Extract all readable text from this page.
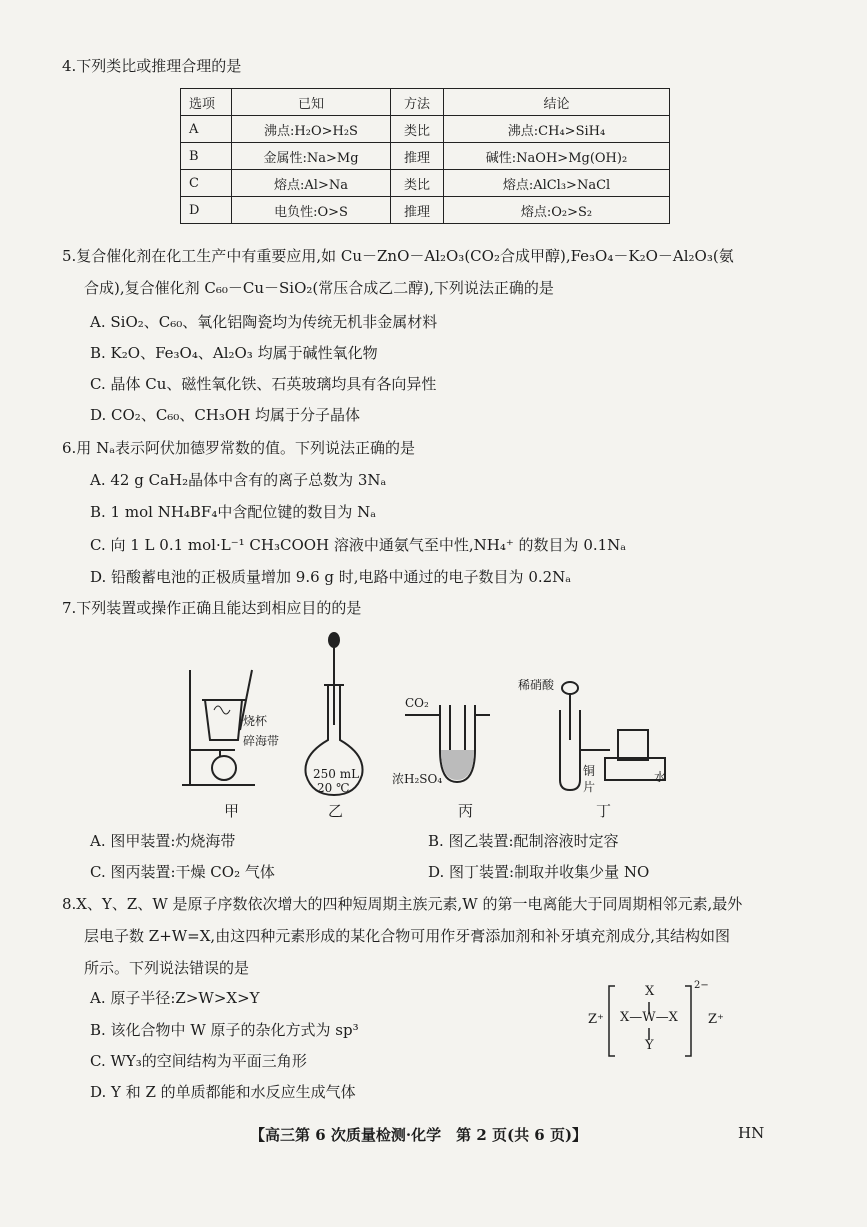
4.下列类比或推理合理的是
选项	已知	方法	结论
A	沸点:H₂O>H₂S	类比	沸点:CH₄>SiH₄
B	金属性:Na>Mg	推理	碱性:NaOH>Mg(OH)₂
C	熔点:Al>Na	类比	熔点:AlCl₃>NaCl
D	电负性:O>S	推理	熔点:O₂>S₂
5.复合催化剂在化工生产中有重要应用,如 Cu－ZnO－Al₂O₃(CO₂合成甲醇),Fe₃O₄－K₂O－Al₂O₃(氨
合成),复合催化剂 C₆₀－Cu－SiO₂(常压合成乙二醇),下列说法正确的是
A. SiO₂、C₆₀、氧化铝陶瓷均为传统无机非金属材料
B. K₂O、Fe₃O₄、Al₂O₃ 均属于碱性氧化物
C. 晶体 Cu、磁性氧化铁、石英玻璃均具有各向异性
D. CO₂、C₆₀、CH₃OH 均属于分子晶体
6.用 Nₐ表示阿伏加德罗常数的值。下列说法正确的是
A. 42 g CaH₂晶体中含有的离子总数为 3Nₐ
B. 1 mol NH₄BF₄中含配位键的数目为 Nₐ
C. 向 1 L 0.1 mol·L⁻¹ CH₃COOH 溶液中通氨气至中性,NH₄⁺ 的数目为 0.1Nₐ
D. 铅酸蓄电池的正极质量增加 9.6 g 时,电路中通过的电子数目为 0.2Nₐ
7.下列装置或操作正确且能达到相应目的的是
烧杯
碎海带
甲
250 mL
20 ℃
乙
CO₂
浓H₂SO₄
丙
稀硝酸
铜
片
水
丁
A. 图甲装置:灼烧海带	B. 图乙装置:配制溶液时定容
C. 图丙装置:干燥 CO₂ 气体	D. 图丁装置:制取并收集少量 NO
8.X、Y、Z、W 是原子序数依次增大的四种短周期主族元素,W 的第一电离能大于同周期相邻元素,最外
层电子数 Z+W=X,由这四种元素形成的某化合物可用作牙膏添加剂和补牙填充剂成分,其结构如图
所示。下列说法错误的是
A. 原子半径:Z>W>X>Y
B. 该化合物中 W 原子的杂化方式为 sp³
C. WY₃的空间结构为平面三角形
D. Y 和 Z 的单质都能和水反应生成气体
Z⁺
X
X—W—X
Y
2−
Z⁺
【高三第 6 次质量检测·化学　第 2 页(共 6 页)】	HN
